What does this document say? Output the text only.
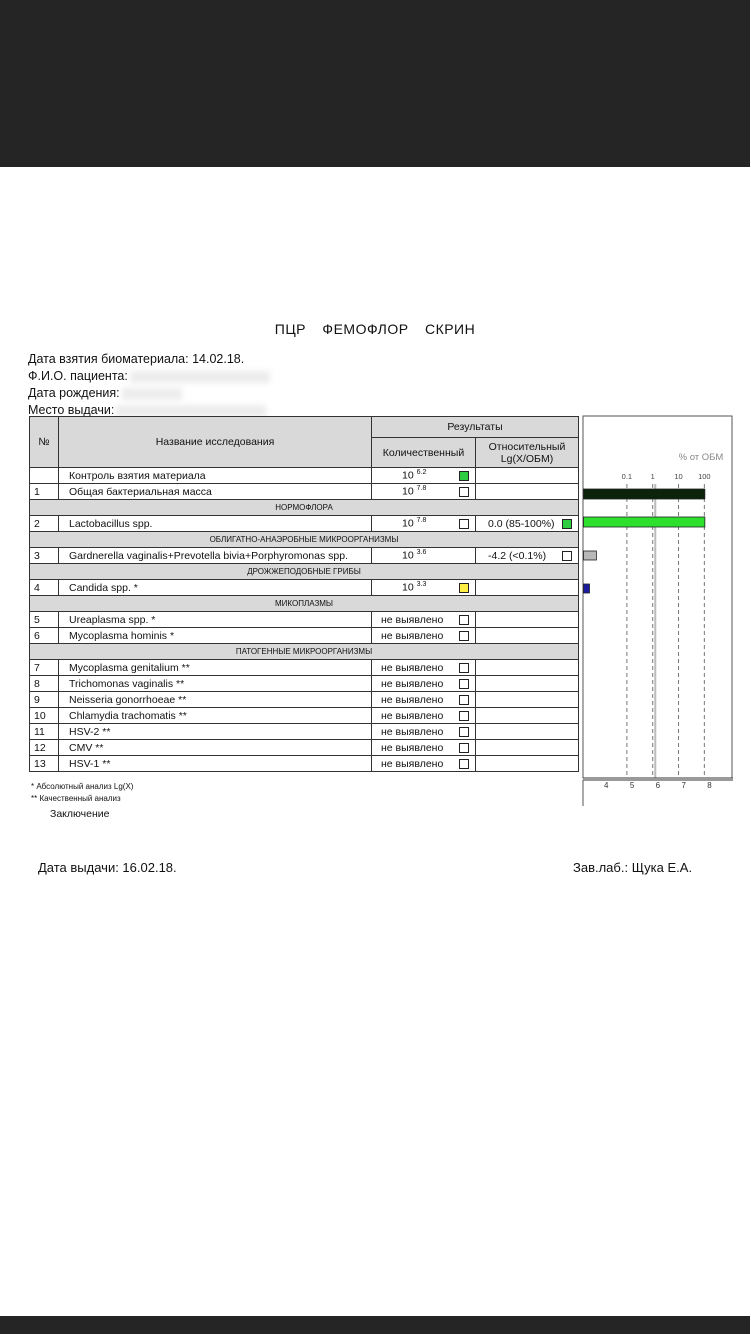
ПЦР ФЕМОФЛОР СКРИН
Дата взятия биоматериала: 14.02.18.
Ф.И.О. пациента:
Дата рождения:
Место выдачи:
№	Название исследования	Результаты	
		Количественный	Относительный Lg(X/ОБМ)
	Контроль взятия материала	10 $^{6.2}$

1	Общая бактериальная масса	10 $^{7.8}$

НОРМОФЛОРА			
2	Lactobacillus spp.	10 $^{7.8}$	0.0 (85-100%)

ОБЛИГАТНО-АНАЭРОБНЫЕ МИКРООРГАНИЗМЫ			
3	Gardnerella vaginalis+Prevotella bivia+Porphyromonas spp.	10 $^{3.6}$	-4.2 (<0.1%)

ДРОЖЖЕПОДОБНЫЕ ГРИБЫ			
4	Candida spp. *	10 $^{3.3}$

МИКОПЛАЗМЫ			
5	Ureaplasma spp. *	не выявлено

6	Mycoplasma hominis *	не выявлено

ПАТОГЕННЫЕ МИКРООРГАНИЗМЫ			
7	Mycoplasma genitalium **	не выявлено

8	Trichomonas vaginalis **	не выявлено

9	Neisseria gonorrhoeae **	не выявлено

10	Chlamydia trachomatis **	не выявлено

11	HSV-2 **	не выявлено

12	CMV **	не выявлено

13	HSV-1 **	не выявлено

0.1 1	10 100
% от ОБМ
4	5	6	7	8
* Абсолютный анализ Lg(X)
** Качественный анализ
Заключение
Дата выдачи: 16.02.18.	Зав.лаб.: Щука Е.А.
